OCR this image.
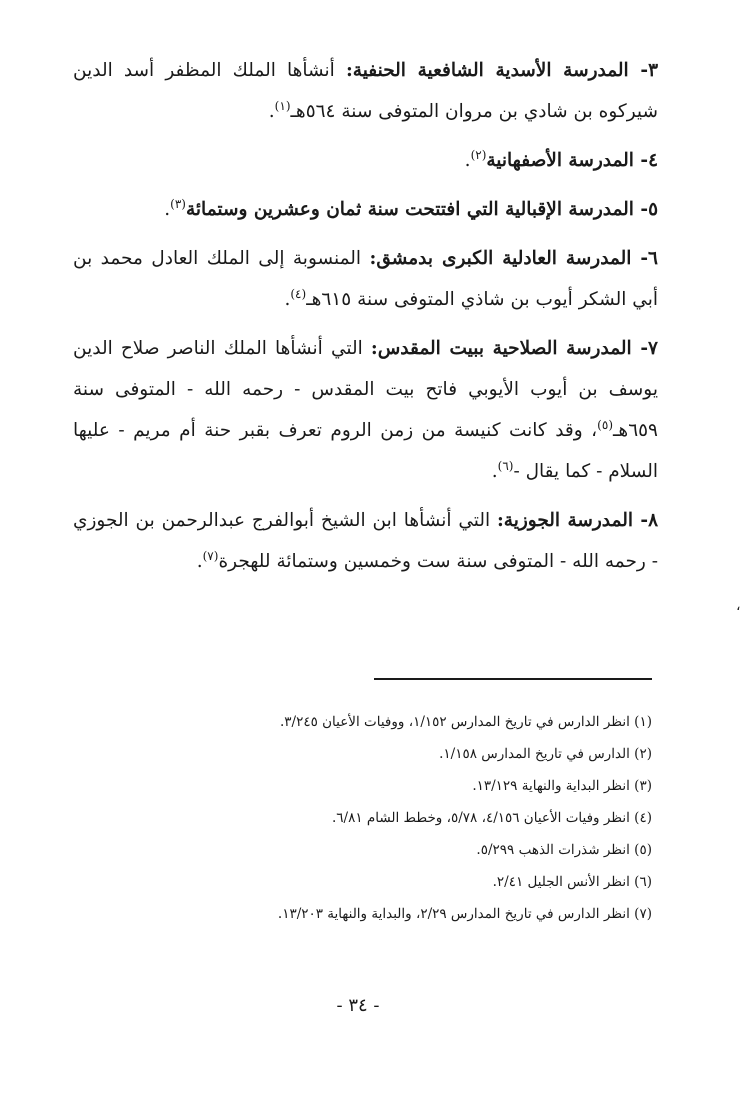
٣- المدرسة الأسدية الشافعية الحنفية: أنشأها الملك المظفر أسد الدين شيركوه بن شادي بن مروان المتوفى سنة ٥٦٤هـ$^{(١)}$.

٤- المدرسة الأصفهانية$^{(٢)}$.

٥- المدرسة الإقبالية التي افتتحت سنة ثمان وعشرين وستمائة$^{(٣)}$.

٦- المدرسة العادلية الكبرى بدمشق: المنسوبة إلى الملك العادل محمد بن أبي الشكر أيوب بن شاذي المتوفى سنة ٦١٥هـ$^{(٤)}$.

٧- المدرسة الصلاحية ببيت المقدس: التي أنشأها الملك الناصر صلاح الدين يوسف بن أيوب الأيوبي فاتح بيت المقدس - رحمه الله - المتوفى سنة ٦٥٩هـ$^{(٥)}$، وقد كانت كنيسة من زمن الروم تعرف بقبر حنة أم مريم - عليها السلام - كما يقال -$^{(٦)}$.

٨- المدرسة الجوزية: التي أنشأها ابن الشيخ أبوالفرج عبدالرحمن بن الجوزي - رحمه الله - المتوفى سنة ست وخمسين وستمائة للهجرة$^{(٧)}$.

،

(١) انظر الدارس في تاريخ المدارس ١/١٥٢، ووفيات الأعيان ٣/٢٤٥.

(٢) الدارس في تاريخ المدارس ١/١٥٨.

(٣) انظر البداية والنهاية ١٣/١٢٩.

(٤) انظر وفيات الأعيان ٤/١٥٦، ٥/٧٨، وخطط الشام ٦/٨١.

(٥) انظر شذرات الذهب ٥/٢٩٩.

(٦) انظر الأنس الجليل ٢/٤١.

(٧) انظر الدارس في تاريخ المدارس ٢/٢٩، والبداية والنهاية ١٣/٢٠٣.

- ٣٤ -
